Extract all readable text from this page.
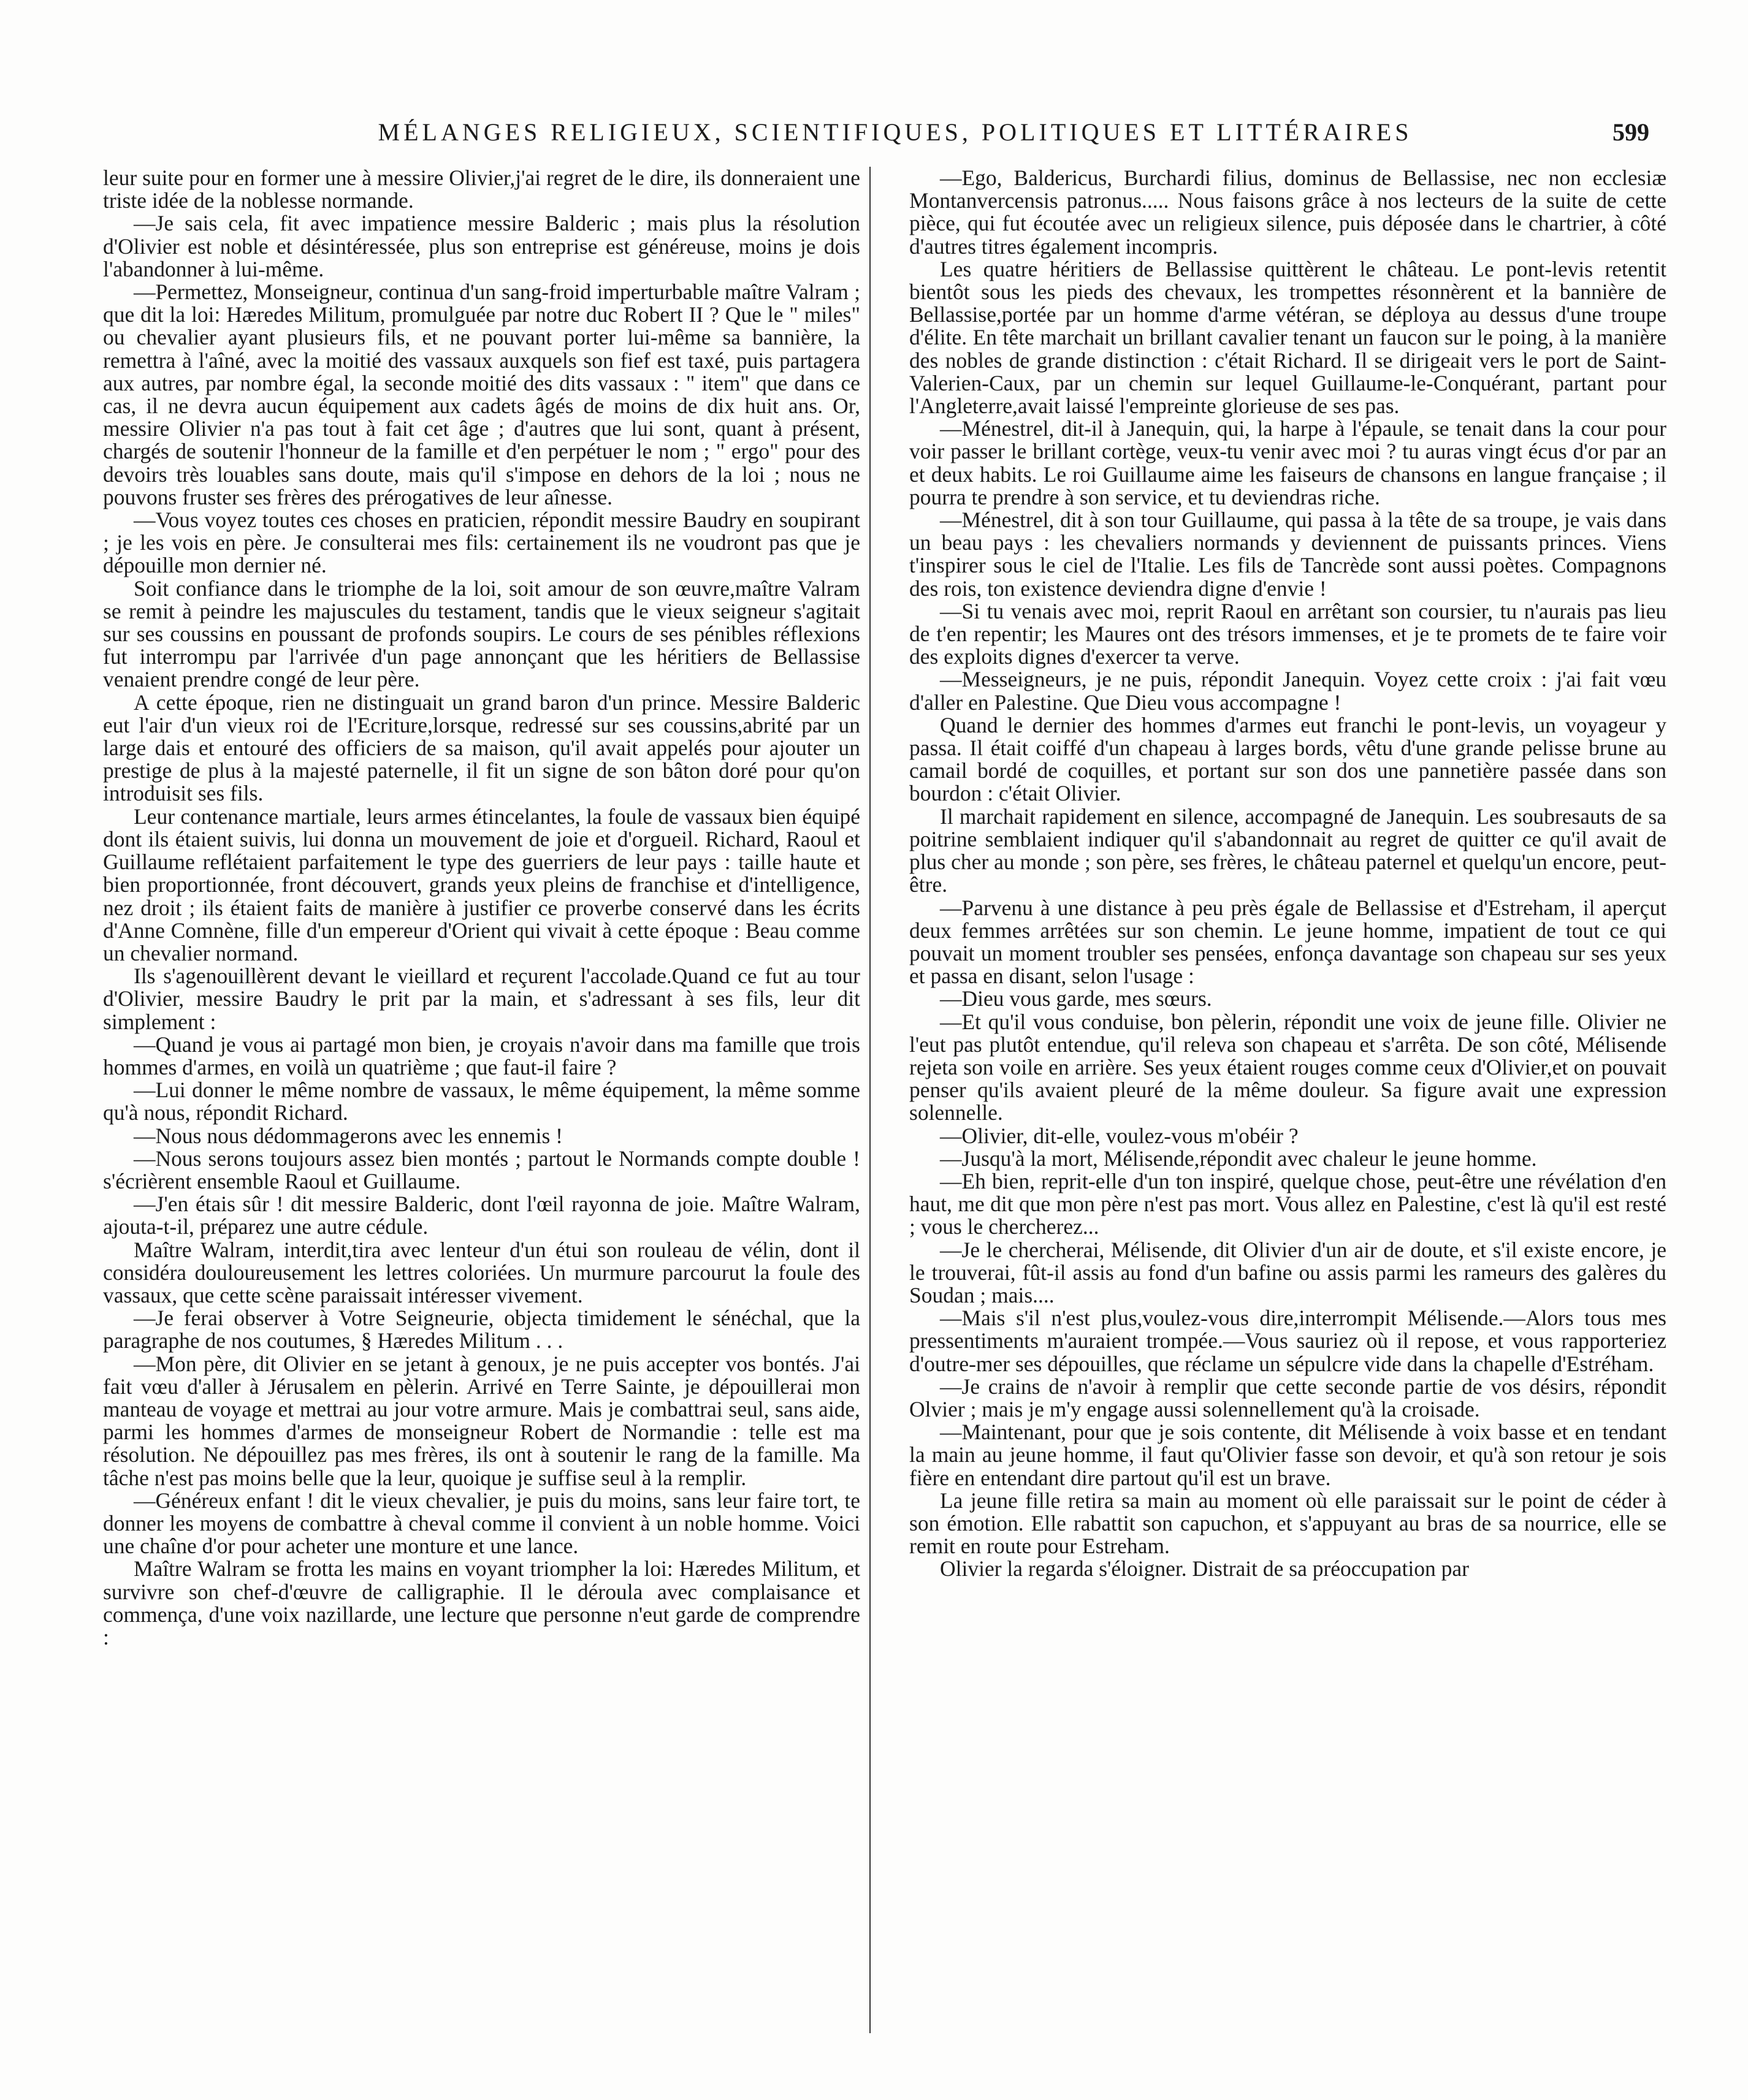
MÉLANGES RELIGIEUX, SCIENTIFIQUES, POLITIQUES ET LITTÉRAIRES	599

leur suite pour en former une à messire Olivier,j'ai regret de le dire, ils donneraient une triste idée de la noblesse normande.

—Je sais cela, fit avec impatience messire Balderic ; mais plus la résolution d'Olivier est noble et désintéressée, plus son entreprise est généreuse, moins je dois l'abandonner à lui-même.

—Permettez, Monseigneur, continua d'un sang-froid imperturbable maître Valram ; que dit la loi: Hæredes Militum, promulguée par notre duc Robert II ? Que le " miles" ou chevalier ayant plusieurs fils, et ne pouvant porter lui-même sa bannière, la remettra à l'aîné, avec la moitié des vassaux auxquels son fief est taxé, puis partagera aux autres, par nombre égal, la seconde moitié des dits vassaux : " item" que dans ce cas, il ne devra aucun équipement aux cadets âgés de moins de dix huit ans. Or, messire Olivier n'a pas tout à fait cet âge ; d'autres que lui sont, quant à présent, chargés de soutenir l'honneur de la famille et d'en perpétuer le nom ; " ergo" pour des devoirs très louables sans doute, mais qu'il s'impose en dehors de la loi ; nous ne pouvons fruster ses frères des prérogatives de leur aînesse.

—Vous voyez toutes ces choses en praticien, répondit messire Baudry en soupirant ; je les vois en père. Je consulterai mes fils: certainement ils ne voudront pas que je dépouille mon dernier né.

Soit confiance dans le triomphe de la loi, soit amour de son œuvre,maître Valram se remit à peindre les majuscules du testament, tandis que le vieux seigneur s'agitait sur ses coussins en poussant de profonds soupirs. Le cours de ses pénibles réflexions fut interrompu par l'arrivée d'un page annonçant que les héritiers de Bellassise venaient prendre congé de leur père.

A cette époque, rien ne distinguait un grand baron d'un prince. Messire Balderic eut l'air d'un vieux roi de l'Ecriture,lorsque, redressé sur ses coussins,abrité par un large dais et entouré des officiers de sa maison, qu'il avait appelés pour ajouter un prestige de plus à la majesté paternelle, il fit un signe de son bâton doré pour qu'on introduisit ses fils.

Leur contenance martiale, leurs armes étincelantes, la foule de vassaux bien équipé dont ils étaient suivis, lui donna un mouvement de joie et d'orgueil. Richard, Raoul et Guillaume reflétaient parfaitement le type des guerriers de leur pays : taille haute et bien proportionnée, front découvert, grands yeux pleins de franchise et d'intelligence, nez droit ; ils étaient faits de manière à justifier ce proverbe conservé dans les écrits d'Anne Comnène, fille d'un empereur d'Orient qui vivait à cette époque : Beau comme un chevalier normand.

Ils s'agenouillèrent devant le vieillard et reçurent l'accolade.Quand ce fut au tour d'Olivier, messire Baudry le prit par la main, et s'adressant à ses fils, leur dit simplement :

—Quand je vous ai partagé mon bien, je croyais n'avoir dans ma famille que trois hommes d'armes, en voilà un quatrième ; que faut-il faire ?

—Lui donner le même nombre de vassaux, le même équipement, la même somme qu'à nous, répondit Richard.

—Nous nous dédommagerons avec les ennemis !

—Nous serons toujours assez bien montés ; partout le Normands compte double ! s'écrièrent ensemble Raoul et Guillaume.

—J'en étais sûr ! dit messire Balderic, dont l'œil rayonna de joie. Maître Walram, ajouta-t-il, préparez une autre cédule.

Maître Walram, interdit,tira avec lenteur d'un étui son rouleau de vélin, dont il considéra douloureusement les lettres coloriées. Un murmure parcourut la foule des vassaux, que cette scène paraissait intéresser vivement.

—Je ferai observer à Votre Seigneurie, objecta timidement le sénéchal, que la paragraphe de nos coutumes, § Hæredes Militum . . .

—Mon père, dit Olivier en se jetant à genoux, je ne puis accepter vos bontés. J'ai fait vœu d'aller à Jérusalem en pèlerin. Arrivé en Terre Sainte, je dépouillerai mon manteau de voyage et mettrai au jour votre armure. Mais je combattrai seul, sans aide, parmi les hommes d'armes de monseigneur Robert de Normandie : telle est ma résolution. Ne dépouillez pas mes frères, ils ont à soutenir le rang de la famille. Ma tâche n'est pas moins belle que la leur, quoique je suffise seul à la remplir.

—Généreux enfant ! dit le vieux chevalier, je puis du moins, sans leur faire tort, te donner les moyens de combattre à cheval comme il convient à un noble homme. Voici une chaîne d'or pour acheter une monture et une lance.

Maître Walram se frotta les mains en voyant triompher la loi: Hæredes Militum, et survivre son chef-d'œuvre de calligraphie. Il le déroula avec complaisance et commença, d'une voix nazillarde, une lecture que personne n'eut garde de comprendre :

—Ego, Baldericus, Burchardi filius, dominus de Bellassise, nec non ecclesiæ Montanvercensis patronus..... Nous faisons grâce à nos lecteurs de la suite de cette pièce, qui fut écoutée avec un religieux silence, puis déposée dans le chartrier, à côté d'autres titres également incompris.

Les quatre héritiers de Bellassise quittèrent le château. Le pont-levis retentit bientôt sous les pieds des chevaux, les trompettes résonnèrent et la bannière de Bellassise,portée par un homme d'arme vétéran, se déploya au dessus d'une troupe d'élite. En tête marchait un brillant cavalier tenant un faucon sur le poing, à la manière des nobles de grande distinction : c'était Richard. Il se dirigeait vers le port de Saint-Valerien-Caux, par un chemin sur lequel Guillaume-le-Conquérant, partant pour l'Angleterre,avait laissé l'empreinte glorieuse de ses pas.

—Ménestrel, dit-il à Janequin, qui, la harpe à l'épaule, se tenait dans la cour pour voir passer le brillant cortège, veux-tu venir avec moi ? tu auras vingt écus d'or par an et deux habits. Le roi Guillaume aime les faiseurs de chansons en langue française ; il pourra te prendre à son service, et tu deviendras riche.

—Ménestrel, dit à son tour Guillaume, qui passa à la tête de sa troupe, je vais dans un beau pays : les chevaliers normands y deviennent de puissants princes. Viens t'inspirer sous le ciel de l'Italie. Les fils de Tancrède sont aussi poètes. Compagnons des rois, ton existence deviendra digne d'envie !

—Si tu venais avec moi, reprit Raoul en arrêtant son coursier, tu n'aurais pas lieu de t'en repentir; les Maures ont des trésors immenses, et je te promets de te faire voir des exploits dignes d'exercer ta verve.

—Messeigneurs, je ne puis, répondit Janequin. Voyez cette croix : j'ai fait vœu d'aller en Palestine. Que Dieu vous accompagne !

Quand le dernier des hommes d'armes eut franchi le pont-levis, un voyageur y passa. Il était coiffé d'un chapeau à larges bords, vêtu d'une grande pelisse brune au camail bordé de coquilles, et portant sur son dos une pannetière passée dans son bourdon : c'était Olivier.

Il marchait rapidement en silence, accompagné de Janequin. Les soubresauts de sa poitrine semblaient indiquer qu'il s'abandonnait au regret de quitter ce qu'il avait de plus cher au monde ; son père, ses frères, le château paternel et quelqu'un encore, peut-être.

—Parvenu à une distance à peu près égale de Bellassise et d'Estreham, il aperçut deux femmes arrêtées sur son chemin. Le jeune homme, impatient de tout ce qui pouvait un moment troubler ses pensées, enfonça davantage son chapeau sur ses yeux et passa en disant, selon l'usage :

—Dieu vous garde, mes sœurs.

—Et qu'il vous conduise, bon pèlerin, répondit une voix de jeune fille. Olivier ne l'eut pas plutôt entendue, qu'il releva son chapeau et s'arrêta. De son côté, Mélisende rejeta son voile en arrière. Ses yeux étaient rouges comme ceux d'Olivier,et on pouvait penser qu'ils avaient pleuré de la même douleur. Sa figure avait une expression solennelle.

—Olivier, dit-elle, voulez-vous m'obéir ?

—Jusqu'à la mort, Mélisende,répondit avec chaleur le jeune homme.

—Eh bien, reprit-elle d'un ton inspiré, quelque chose, peut-être une révélation d'en haut, me dit que mon père n'est pas mort. Vous allez en Palestine, c'est là qu'il est resté ; vous le chercherez...

—Je le chercherai, Mélisende, dit Olivier d'un air de doute, et s'il existe encore, je le trouverai, fût-il assis au fond d'un bafine ou assis parmi les rameurs des galères du Soudan ; mais....

—Mais s'il n'est plus,voulez-vous dire,interrompit Mélisende.—Alors tous mes pressentiments m'auraient trompée.—Vous sauriez où il repose, et vous rapporteriez d'outre-mer ses dépouilles, que réclame un sépulcre vide dans la chapelle d'Estréham.

—Je crains de n'avoir à remplir que cette seconde partie de vos désirs, répondit Olvier ; mais je m'y engage aussi solennellement qu'à la croisade.

—Maintenant, pour que je sois contente, dit Mélisende à voix basse et en tendant la main au jeune homme, il faut qu'Olivier fasse son devoir, et qu'à son retour je sois fière en entendant dire partout qu'il est un brave.

La jeune fille retira sa main au moment où elle paraissait sur le point de céder à son émotion. Elle rabattit son capuchon, et s'appuyant au bras de sa nourrice, elle se remit en route pour Estreham.

Olivier la regarda s'éloigner. Distrait de sa préoccupation par
